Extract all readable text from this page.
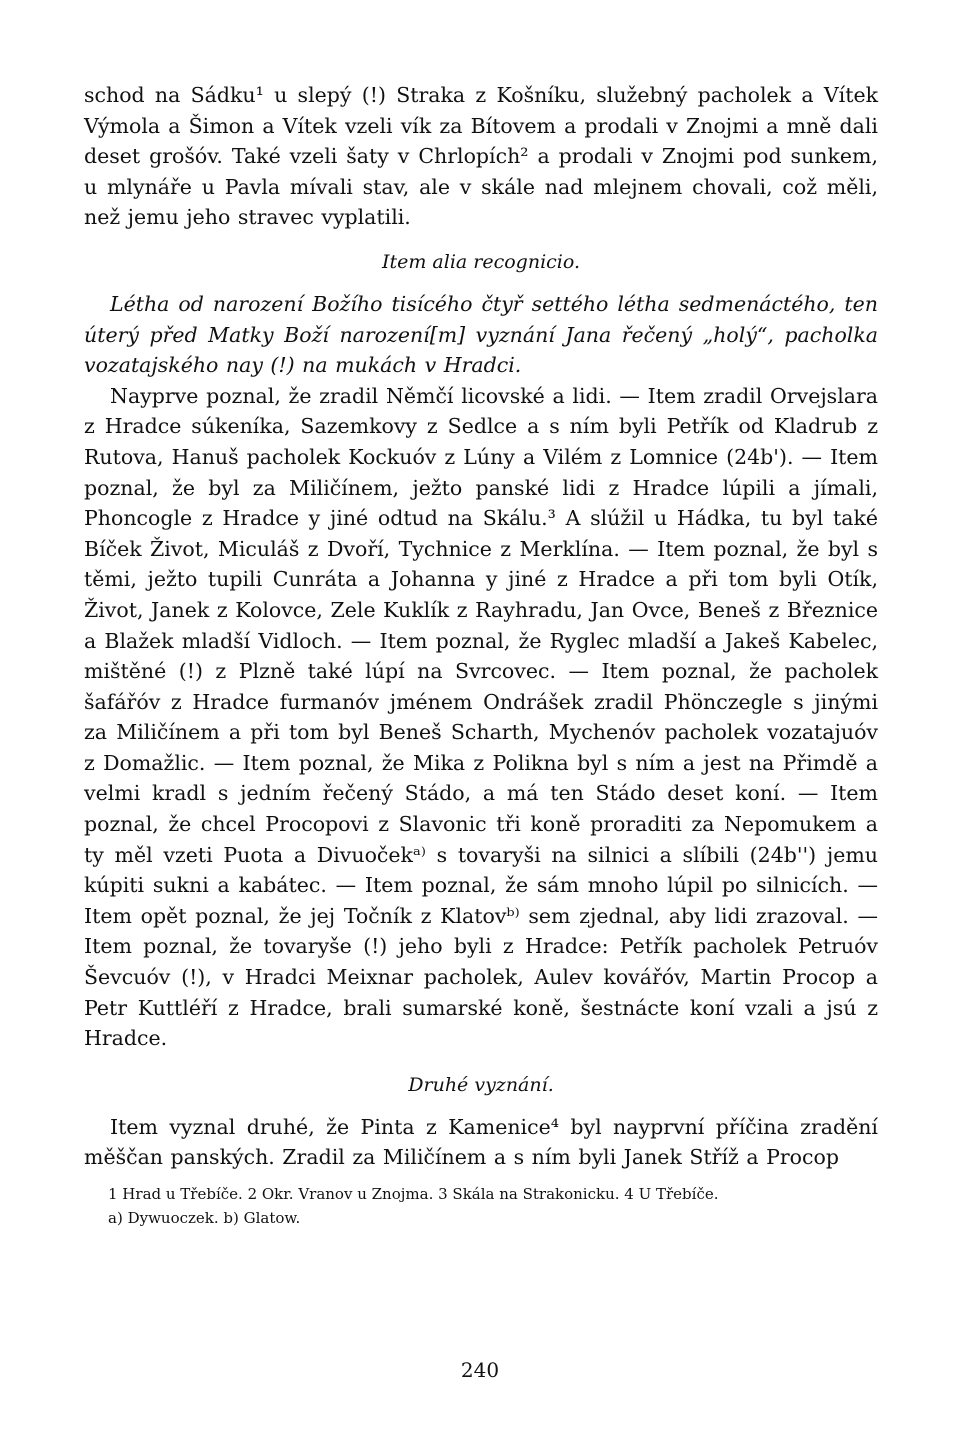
schod na Sádku¹ u slepý (!) Straka z Košníku, služebný pacholek a Vítek Výmola a Šimon a Vítek vzeli vík za Bítovem a prodali v Znojmi a mně dali deset grošóv. Také vzeli šaty v Chrlopích² a prodali v Znojmi pod sunkem, u mlynáře u Pavla mívali stav, ale v skále nad mlejnem chovali, což měli, než jemu jeho stravec vyplatili.

Item alia recognicio.

Létha od narození Božího tisícého čtyř settého létha sedmenáctého, ten úterý před Matky Boží narození[m] vyznání Jana řečený „holý“, pacholka vozatajského nay (!) na mukách v Hradci.

Nayprve poznal, že zradil Němčí licovské a lidi. — Item zradil Orvejslara z Hradce súkeníka, Sazemkovy z Sedlce a s ním byli Petřík od Kladrub z Rutova, Hanuš pacholek Kockuóv z Lúny a Vilém z Lomnice (24b'). — Item poznal, že byl za Miličínem, ježto panské lidi z Hradce lúpili a jímali, Phoncogle z Hradce y jiné odtud na Skálu.³ A slúžil u Hádka, tu byl také Bíček Život, Miculáš z Dvoří, Tychnice z Merklína. — Item poznal, že byl s těmi, ježto tupili Cunráta a Johanna y jiné z Hradce a při tom byli Otík, Život, Janek z Kolovce, Zele Kuklík z Rayhradu, Jan Ovce, Beneš z Březnice a Blažek mladší Vidloch. — Item poznal, že Ryglec mladší a Jakeš Kabelec, mištěné (!) z Plzně také lúpí na Svrcovec. — Item poznal, že pacholek šafářóv z Hradce furmanóv jménem Ondrášek zradil Phönczegle s jinými za Miličínem a při tom byl Beneš Scharth, Mychenóv pacholek vozatajuóv z Domažlic. — Item poznal, že Mika z Polikna byl s ním a jest na Přimdě a velmi kradl s jedním řečený Stádo, a má ten Stádo deset koní. — Item poznal, že chcel Procopovi z Slavonic tři koně proraditi za Nepomukem a ty měl vzeti Puota a Divuočekᵃ⁾ s tovaryši na silnici a slíbili (24b'') jemu kúpiti sukni a kabátec. — Item poznal, že sám mnoho lúpil po silnicích. — Item opět poznal, že jej Točník z Klatovᵇ⁾ sem zjednal, aby lidi zrazoval. — Item poznal, že tovaryše (!) jeho byli z Hradce: Petřík pacholek Petruóv Ševcuóv (!), v Hradci Meixnar pacholek, Aulev kovářóv, Martin Procop a Petr Kuttléří z Hradce, brali sumarské koně, šestnácte koní vzali a jsú z Hradce.

Druhé vyznání.

Item vyznal druhé, že Pinta z Kamenice⁴ byl nayprvní příčina zradění měščan panských. Zradil za Miličínem a s ním byli Janek Stříž a Procop

1 Hrad u Třebíče. 2 Okr. Vranov u Znojma. 3 Skála na Strakonicku. 4 U Třebíče.
a) Dywuoczek. b) Glatow.
240
